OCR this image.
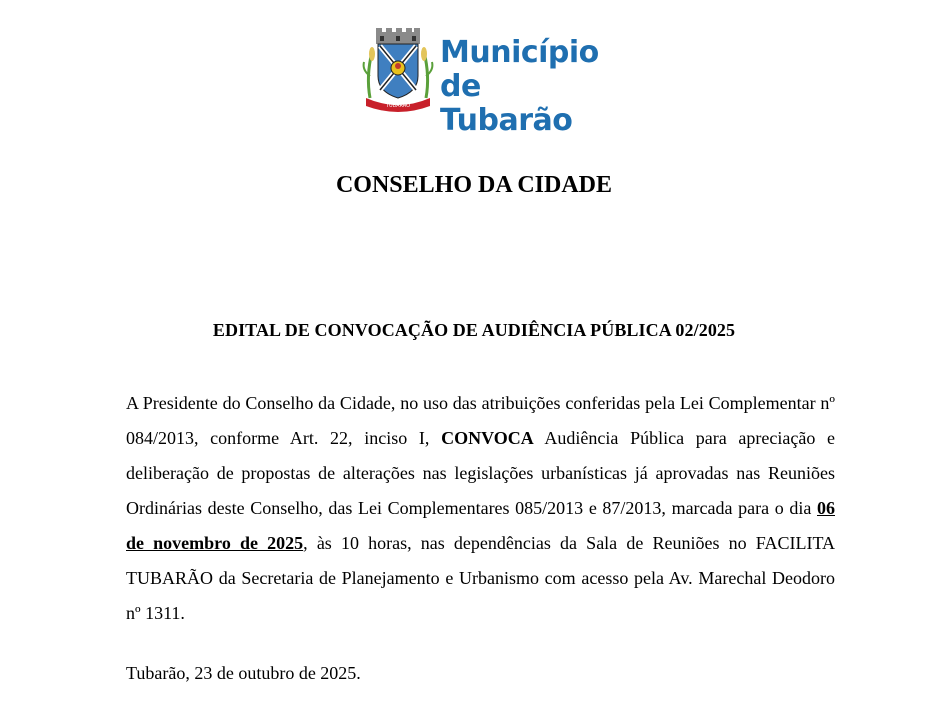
TUBARÃO
Município
de Tubarão
CONSELHO DA CIDADE
EDITAL DE CONVOCAÇÃO DE AUDIÊNCIA PÚBLICA 02/2025

A Presidente do Conselho da Cidade, no uso das atribuições conferidas pela Lei Complementar nº 084/2013, conforme Art. 22, inciso I, CONVOCA Audiência Pública para apreciação e deliberação de propostas de alterações nas legislações urbanísticas já aprovadas nas Reuniões Ordinárias deste Conselho, das Lei Complementares 085/2013 e 87/2013, marcada para o dia 06 de novembro de 2025, às 10 horas, nas dependências da Sala de Reuniões no FACILITA TUBARÃO da Secretaria de Planejamento e Urbanismo com acesso pela Av. Marechal Deodoro nº 1311.

Tubarão, 23 de outubro de 2025.
